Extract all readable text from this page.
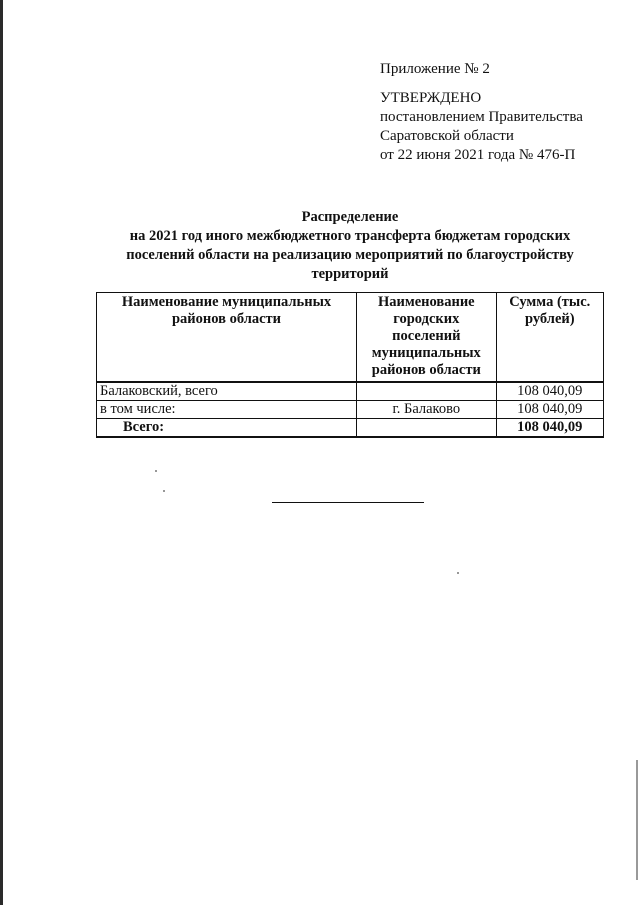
Приложение № 2
УТВЕРЖДЕНО
постановлением Правительства
Саратовской области
от 22 июня 2021 года № 476-П
Распределение
на 2021 год иного межбюджетного трансферта бюджетам городских
поселений области на реализацию мероприятий по благоустройству
территорий
Наименование муниципальных районов области	Наименование городских поселений муниципальных районов области	Сумма (тыс. рублей)
Балаковский, всего		108 040,09
в том числе:	г. Балаково	108 040,09
Всего:		108 040,09
